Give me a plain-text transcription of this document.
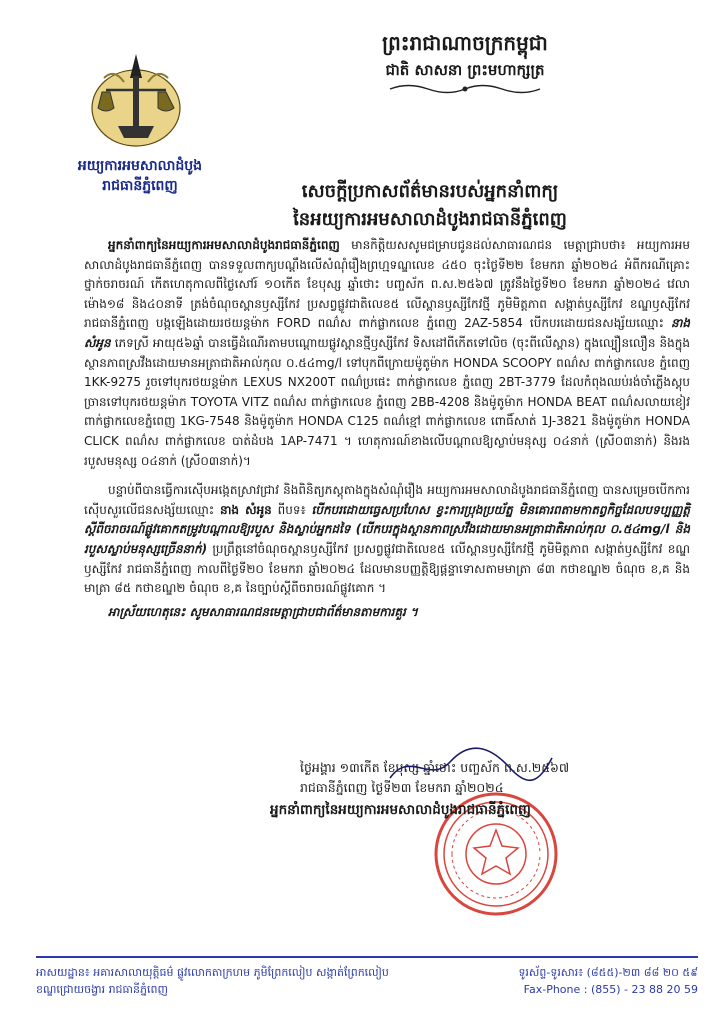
ព្រះរាជាណាចក្រកម្ពុជា
ជាតិ សាសនា ព្រះមហាក្សត្រ
អយ្យការអមសាលាដំបូង
រាជធានីភ្នំពេញ	សេចក្តីប្រកាសព័ត៌មានរបស់អ្នកនាំពាក្យ
នៃអយ្យការអមសាលាដំបូងរាជធានីភ្នំពេញ

អ្នកនាំពាក្យនៃអយ្យការអមសាលាដំបូងរាជធានីភ្នំពេញ មានកិត្តិយសសូមជម្រាបជូនដល់សាធារណជន មេត្តាជ្រាបថា៖ អយ្យការអមសាលាដំបូងរាជធានីភ្នំពេញ បានទទួលពាក្យបណ្តឹងលើសំណុំរឿងព្រហ្មទណ្ឌលេខ ៤៥០ ចុះថ្ងៃទី២២ ខែមករា ឆ្នាំ២០២៤ អំពីករណីគ្រោះថ្នាក់ចរាចរណ៍ កើតហេតុកាលពីថ្ងៃសៅរ៍ ១០កើត ខែបុស្ស ឆ្នាំថោះ បញ្ចស័ក ព.ស.២៥៦៧ ត្រូវនឹងថ្ងៃទី២០ ខែមករា ឆ្នាំ២០២៤ វេលាម៉ោង១៨ និង៤០នាទី ត្រង់ចំណុចស្ពានឫស្សីកែវ ប្រសព្វផ្លូវជាតិលេខ៥ លើស្ពានឫស្សីកែវថ្មី ភូមិមិត្តភាព សង្កាត់ឫស្សីកែវ ខណ្ឌឫស្សីកែវ រាជធានីភ្នំពេញ បង្កឡើងដោយរថយន្តម៉ាក FORD ពណ៌ស ពាក់ផ្លាកលេខ ភ្នំពេញ 2AZ-5854 បើកបរដោយជនសង្ស័យឈ្មោះ នាង សំអូន ភេទស្រី អាយុ៥៦ឆ្នាំ បានធ្វើដំណើរតាមបណ្តោយផ្លូវស្ពានថ្មីឫស្សីកែវ ទិសដៅពីកើតទៅលិច (ចុះពីលើស្ពាន) ក្នុងល្បឿនលឿន និងក្នុងស្ថានភាពស្រវឹងដោយមានអត្រាជាតិអាល់កុល ០.៥៤mg/l ទៅបុកពីក្រោយម៉ូតូម៉ាក HONDA SCOOPY ពណ៌ស ពាក់ផ្លាកលេខ ភ្នំពេញ 1KK-9275 រួចទៅបុករថយន្តម៉ាក LEXUS NX200T ពណ៌ប្រផេះ ពាក់ផ្លាកលេខ ភ្នំពេញ 2BT-3779 ដែលកំពុងឈប់រង់ចាំភ្លើងស្តុប ច្រានទៅបុករថយន្តម៉ាក TOYOTA VITZ ពណ៌ស ពាក់ផ្លាកលេខ ភ្នំពេញ 2BB-4208 និងម៉ូតូម៉ាក HONDA BEAT ពណ៌សលាយខៀវ ពាក់ផ្លាកលេខភ្នំពេញ 1KG-7548 និងម៉ូតូម៉ាក HONDA C125 ពណ៌ខ្មៅ ពាក់ផ្លាកលេខ ពោធិ៍សាត់ 1J-3821 និងម៉ូតូម៉ាក HONDA CLICK ពណ៌ស ពាក់ផ្លាកលេខ បាត់ដំបង 1AP-7471 ។ ហេតុការណ៍ខាងលើបណ្តាលឱ្យស្លាប់មនុស្ស ០៤នាក់ (ស្រី០៣នាក់) និងរងរបួសមនុស្ស ០៤នាក់ (ស្រី០៣នាក់)។

បន្ទាប់ពីបានធ្វើការស៊ើបអង្កេតស្រាវជ្រាវ និងពិនិត្យភស្តុតាងក្នុងសំណុំរឿង អយ្យការអមសាលាដំបូងរាជធានីភ្នំពេញ បានសម្រេចបើកការស៊ើបសួរលើជនសង្ស័យឈ្មោះ នាង សំអូន ពីបទ៖ បើកបរដោយធ្វេសប្រហែស ខ្វះការប្រុងប្រយ័ត្ន មិនគោរពតាមកាតព្វកិច្ចដែលបទប្បញ្ញត្តិស្តីពីចរាចរណ៍ផ្លូវគោកតម្រូវបណ្តាលឱ្យរបួស និងស្លាប់អ្នកដទៃ (បើកបរក្នុងស្ថានភាពស្រវឹងដោយមានអត្រាជាតិអាល់កុល ០.៥៤mg/l និងរបួសស្លាប់មនុស្សច្រើននាក់) ប្រព្រឹត្តនៅចំណុចស្ពានឫស្សីកែវ ប្រសព្វផ្លូវជាតិលេខ៥ លើស្ពានឫស្សីកែវថ្មី ភូមិមិត្តភាព សង្កាត់ឫស្សីកែវ ខណ្ឌឫស្សីកែវ រាជធានីភ្នំពេញ កាលពីថ្ងៃទី២០ ខែមករា ឆ្នាំ២០២៤ ដែលមានបញ្ញត្តិឱ្យផ្តន្ទាទោសតាមមាត្រា ៨៣ កថាខណ្ឌ២ ចំណុច ខ,គ និងមាត្រា ៨៥ កថាខណ្ឌ២ ចំណុច ខ,គ នៃច្បាប់ស្តីពីចរាចរណ៍ផ្លូវគោក ។

អាស្រ័យហេតុនេះ សូមសាធារណជនមេត្តាជ្រាបជាព័ត៌មានតាមការគួរ ។

ថ្ងៃអង្គារ ១៣កើត ខែបុស្ស ឆ្នាំថោះ បញ្ចស័ក ព.ស.២៥៦៧
រាជធានីភ្នំពេញ ថ្ងៃទី២៣ ខែមករា ឆ្នាំ២០២៤
អ្នកនាំពាក្យនៃអយ្យការអមសាលាដំបូងរាជធានីភ្នំពេញ
អាសយដ្ឋាន៖ អគារសាលាយុត្តិធម៌ ផ្លូវលោកតាក្រហម ភូមិព្រែកលៀប សង្កាត់ព្រែកលៀប
ខណ្ឌជ្រោយចង្វារ រាជធានីភ្នំពេញ
ទូរស័ព្ទ-ទូរសារ៖ (៨៥៥)-២៣ ៨៨ ២០ ៥៩
Fax-Phone : (855) - 23 88 20 59
